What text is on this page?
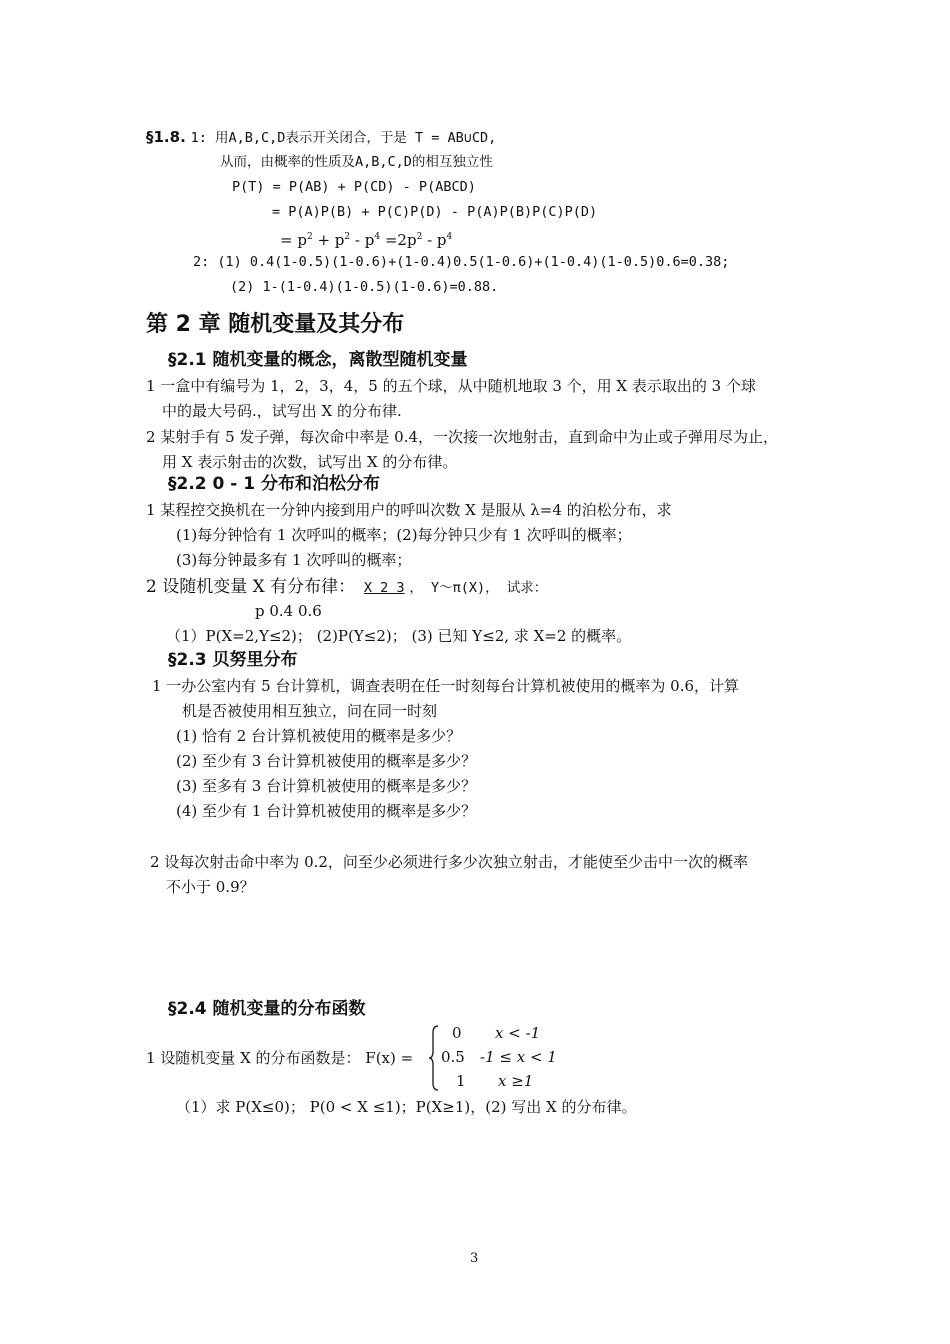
§1.8. 1: 用A,B,C,D表示开关闭合，于是 T = AB∪CD,
从而，由概率的性质及A,B,C,D的相互独立性
P(T) = P(AB) + P(CD) - P(ABCD)
= P(A)P(B) + P(C)P(D) - P(A)P(B)P(C)P(D)
= $p^2 + p^2 - p^4 =2p^2 - p^4$
2: (1) 0.4(1-0.5)(1-0.6)+(1-0.4)0.5(1-0.6)+(1-0.4)(1-0.5)0.6=0.38;
(2) 1-(1-0.4)(1-0.5)(1-0.6)=0.88.
第 2 章 随机变量及其分布
§2.1 随机变量的概念，离散型随机变量
1 一盒中有编号为 1，2，3，4，5 的五个球，从中随机地取 3 个，用 X 表示取出的 3 个球
中的最大号码.，试写出 X 的分布律.
2 某射手有 5 发子弹，每次命中率是 0.4，一次接一次地射击，直到命中为止或子弹用尽为止，
用 X 表示射击的次数，试写出 X 的分布律。
§2.2 0 - 1 分布和泊松分布
1 某程控交换机在一分钟内接到用户的呼叫次数 X 是服从 λ=4 的泊松分布，求
(1)每分钟恰有 1 次呼叫的概率；(2)每分钟只少有 1 次呼叫的概率；
(3)每分钟最多有 1 次呼叫的概率；
2 设随机变量 X 有分布律： X 2 3 ， Y～π(X)， 试求：
p 0.4 0.6
（1）P(X=2,Y≤2)； (2)P(Y≤2)； (3) 已知 Y≤2, 求 X=2 的概率。
§2.3 贝努里分布
1 一办公室内有 5 台计算机，调查表明在任一时刻每台计算机被使用的概率为 0.6，计算
机是否被使用相互独立，问在同一时刻
(1) 恰有 2 台计算机被使用的概率是多少？
(2) 至少有 3 台计算机被使用的概率是多少？
(3) 至多有 3 台计算机被使用的概率是多少？
(4) 至少有 1 台计算机被使用的概率是多少？
2 设每次射击命中率为 0.2，问至少必须进行多少次独立射击，才能使至少击中一次的概率
不小于 0.9？
§2.4 随机变量的分布函数
1 设随机变量 X 的分布函数是： F(x) =
0 x < -1
0.5 -1 ≤ x < 1
1 x ≥1
（1）求 P(X≤0)； P(0 < X ≤1)；P(X≥1)，(2) 写出 X 的分布律。
3
